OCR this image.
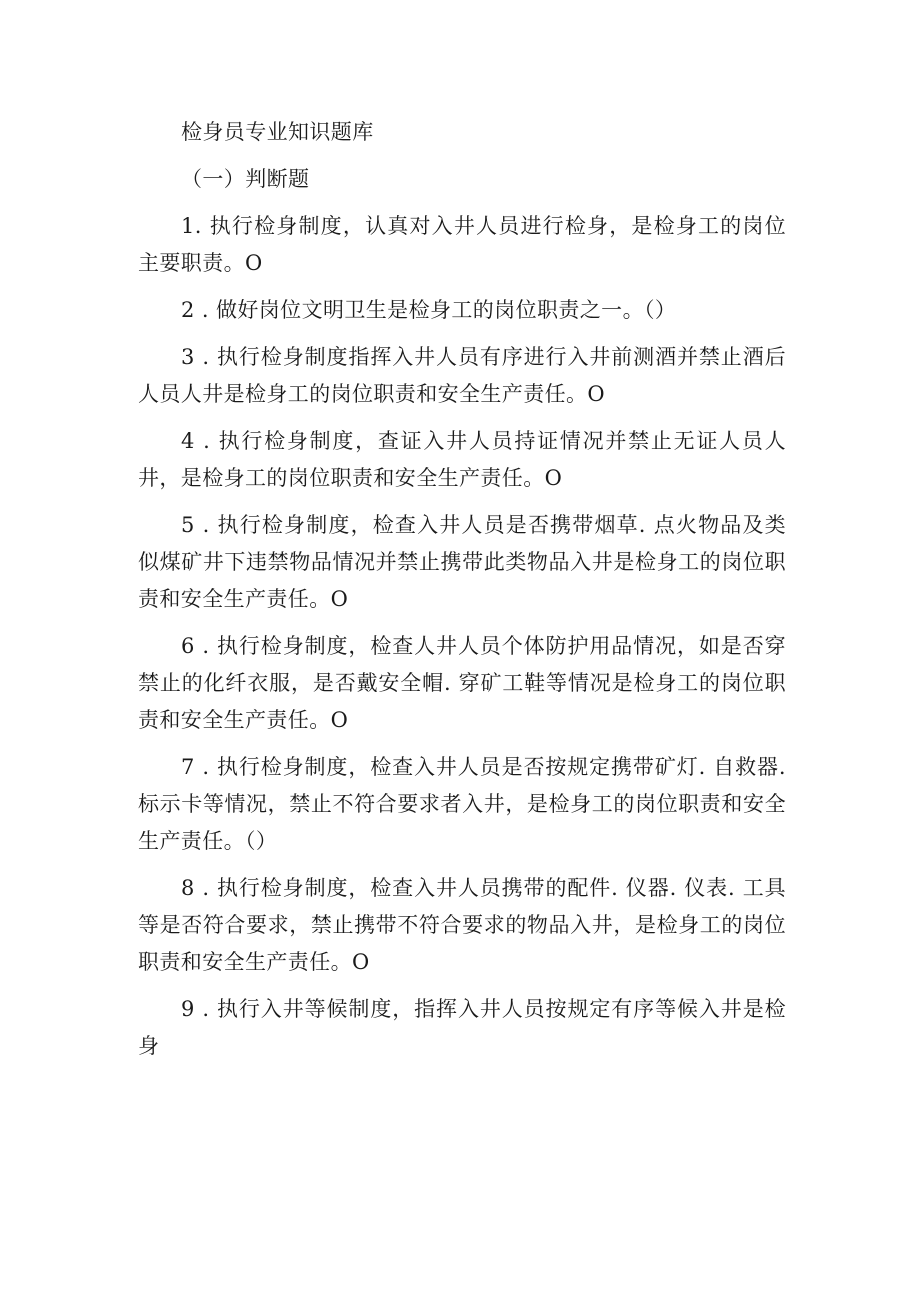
检身员专业知识题库

（一）判断题

1. 执行检身制度，认真对入井人员进行检身，是检身工的岗位主要职责。O

2 . 做好岗位文明卫生是检身工的岗位职责之一。（）

3 . 执行检身制度指挥入井人员有序进行入井前测酒并禁止酒后人员人井是检身工的岗位职责和安全生产责任。O

4 . 执行检身制度，查证入井人员持证情况并禁止无证人员人井，是检身工的岗位职责和安全生产责任。O

5 . 执行检身制度，检查入井人员是否携带烟草. 点火物品及类似煤矿井下违禁物品情况并禁止携带此类物品入井是检身工的岗位职责和安全生产责任。O

6 . 执行检身制度，检查人井人员个体防护用品情况，如是否穿禁止的化纤衣服，是否戴安全帽. 穿矿工鞋等情况是检身工的岗位职责和安全生产责任。O

7 . 执行检身制度，检查入井人员是否按规定携带矿灯. 自救器. 标示卡等情况，禁止不符合要求者入井，是检身工的岗位职责和安全生产责任。（）

8 . 执行检身制度，检查入井人员携带的配件. 仪器. 仪表. 工具等是否符合要求，禁止携带不符合要求的物品入井，是检身工的岗位职责和安全生产责任。O

9 . 执行入井等候制度，指挥入井人员按规定有序等候入井是检身
